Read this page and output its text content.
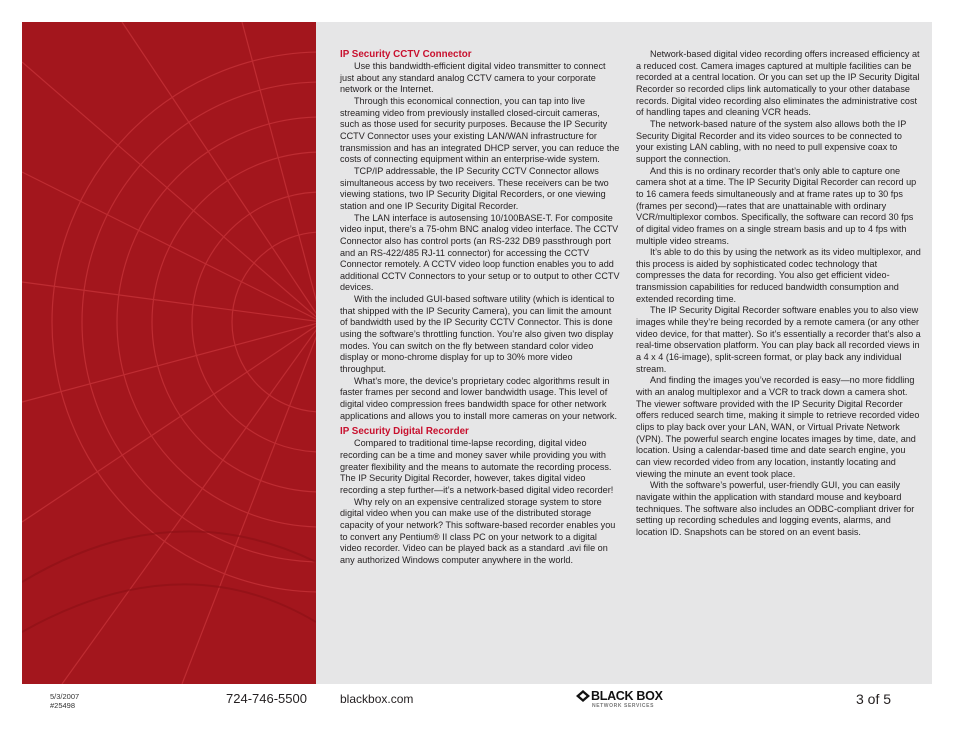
IP Security CCTV Connector

Use this bandwidth-efficient digital video transmitter to connect just about any standard analog CCTV camera to your corporate network or the Internet.

Through this economical connection, you can tap into live streaming video from previously installed closed-circuit cameras, such as those used for security purposes. Because the IP Security CCTV Connector uses your existing LAN/WAN infrastructure for transmission and has an integrated DHCP server, you can reduce the costs of connecting equipment within an enterprise-wide system.

TCP/IP addressable, the IP Security CCTV Connector allows simultaneous access by two receivers. These receivers can be two viewing stations, two IP Security Digital Recorders, or one viewing station and one IP Security Digital Recorder.

The LAN interface is autosensing 10/100BASE-T. For composite video input, there’s a 75-ohm BNC analog video interface. The CCTV Connector also has control ports (an RS-232 DB9 passthrough port and an RS-422/485 RJ-11 connector) for accessing the CCTV Connector remotely. A CCTV video loop function enables you to add additional CCTV Connectors to your setup or to output to other CCTV devices.

With the included GUI-based software utility (which is identical to that shipped with the IP Security Camera), you can limit the amount of bandwidth used by the IP Security CCTV Connector. This is done using the software’s throttling function. You’re also given two display modes. You can switch on the fly between standard color video display or mono-chrome display for up to 30% more video throughput.

What’s more, the device’s proprietary codec algorithms result in faster frames per second and lower bandwidth usage. This level of digital video compression frees bandwidth space for other network applications and allows you to install more cameras on your network.

IP Security Digital Recorder

Compared to traditional time-lapse recording, digital video recording can be a time and money saver while providing you with greater flexibility and the means to automate the recording process. The IP Security Digital Recorder, however, takes digital video recording a step further—it’s a network-based digital video recorder!

Why rely on an expensive centralized storage system to store digital video when you can make use of the distributed storage capacity of your network? This software-based recorder enables you to convert any Pentium® II class PC on your network to a digital video recorder. Video can be played back as a standard .avi file on any authorized Windows computer anywhere in the world.

Network-based digital video recording offers increased efficiency at a reduced cost. Camera images captured at multiple facilities can be recorded at a central location. Or you can set up the IP Security Digital Recorder so recorded clips link automatically to your other database records. Digital video recording also eliminates the administrative cost of handling tapes and cleaning VCR heads.

The network-based nature of the system also allows both the IP Security Digital Recorder and its video sources to be connected to your existing LAN cabling, with no need to pull expensive coax to support the connection.

And this is no ordinary recorder that’s only able to capture one camera shot at a time. The IP Security Digital Recorder can record up to 16 camera feeds simultaneously and at frame rates up to 30 fps (frames per second)—rates that are unattainable with ordinary VCR/multiplexor combos. Specifically, the software can record 30 fps of digital video frames on a single stream basis and up to 4 fps with multiple video streams.

It’s able to do this by using the network as its video multiplexor, and this process is aided by sophisticated codec technology that compresses the data for recording. You also get efficient video-transmission capabilities for reduced bandwidth consumption and extended recording time.

The IP Security Digital Recorder software enables you to also view images while they’re being recorded by a remote camera (or any other video device, for that matter). So it’s essentially a recorder that’s also a real-time observation platform. You can play back all recorded views in a 4 x 4 (16-image), split-screen format, or play back any individual stream.

And finding the images you’ve recorded is easy—no more fiddling with an analog multiplexor and a VCR to track down a camera shot. The viewer software provided with the IP Security Digital Recorder offers reduced search time, making it simple to retrieve recorded video clips to play back over your LAN, WAN, or Virtual Private Network (VPN). The powerful search engine locates images by time, date, and location. Using a calendar-based time and date search engine, you can view recorded video from any location, instantly locating and viewing the minute an event took place.

With the software’s powerful, user-friendly GUI, you can easily navigate within the application with standard mouse and keyboard techniques. The software also includes an ODBC-compliant driver for setting up recording schedules and logging events, alarms, and location ID. Snapshots can be stored on an event basis.

5/3/2007
#25498	724-746-5500	blackbox.com	BLACK BOX
NETWORK SERVICES	3 of 5
